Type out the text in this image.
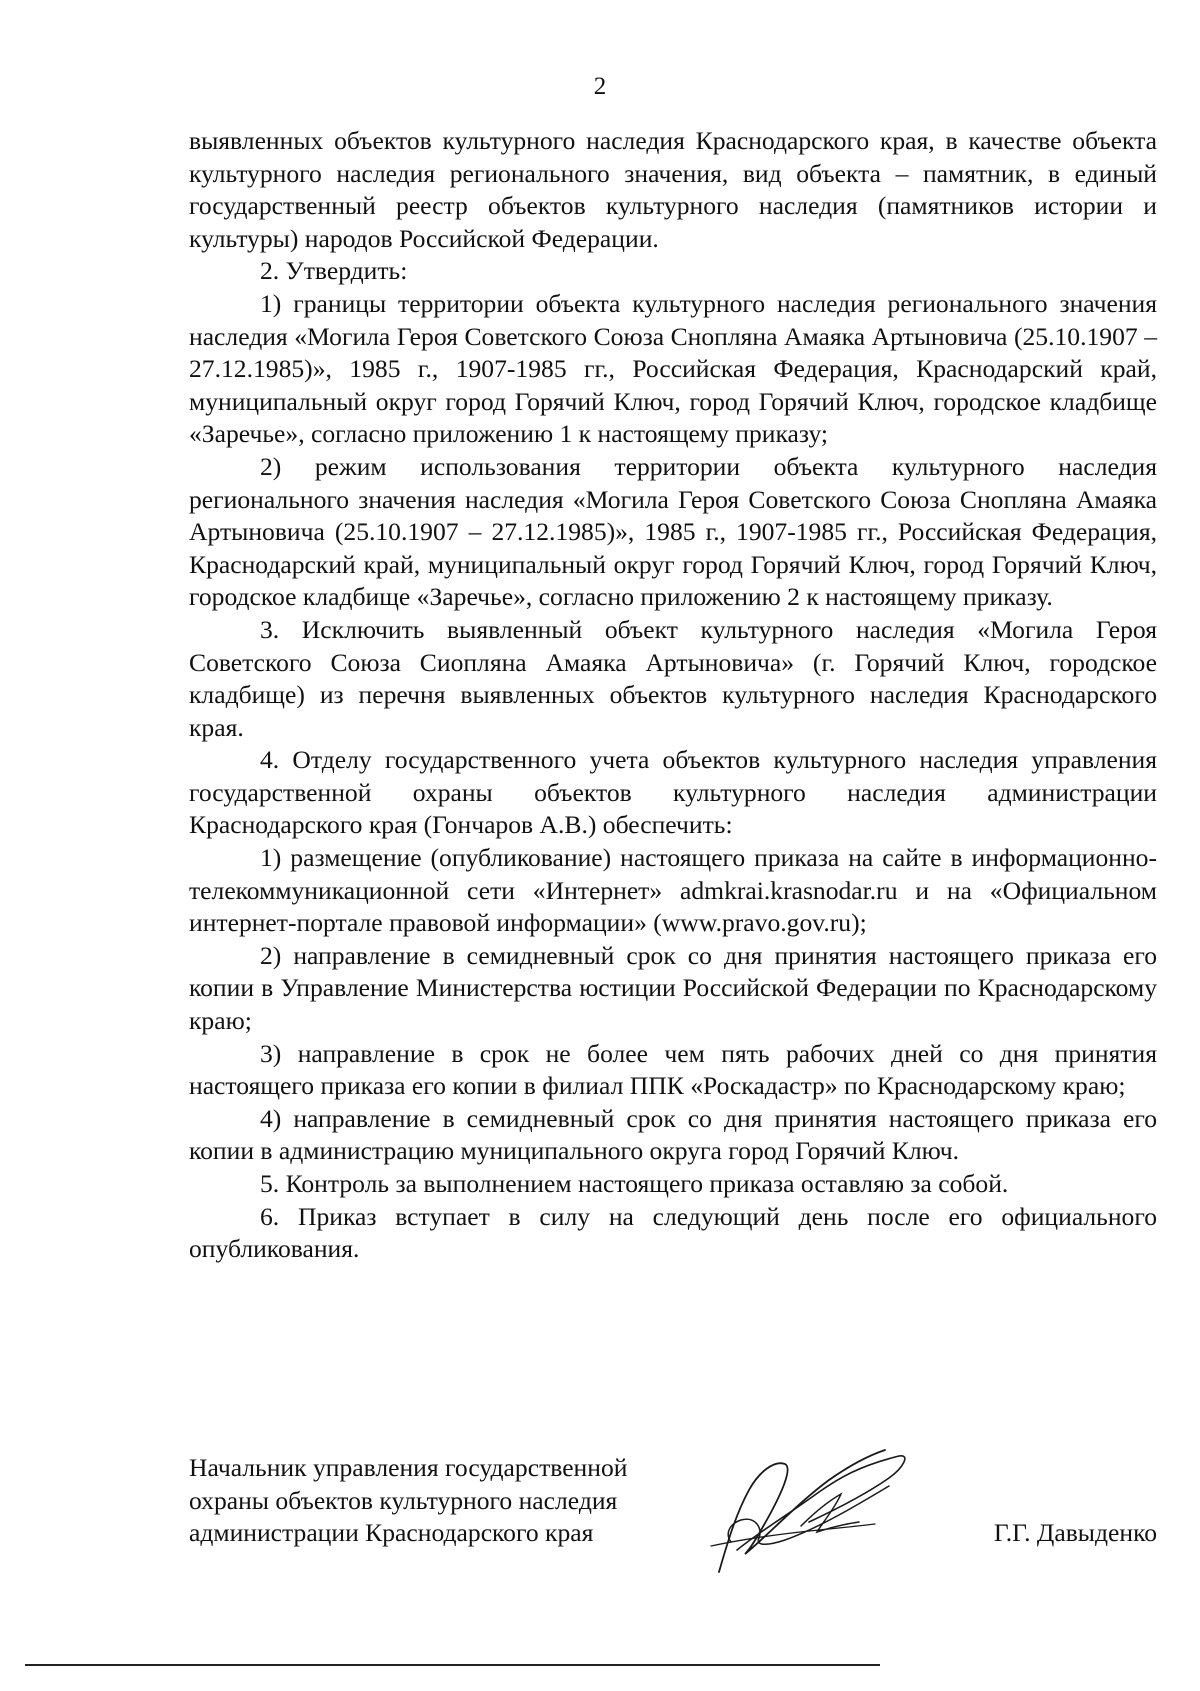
2

выявленных объектов культурного наследия Краснодарского края, в качестве объекта культурного наследия регионального значения, вид объекта – памятник, в единый государственный реестр объектов культурного наследия (памятников истории и культуры) народов Российской Федерации.

2. Утвердить:

1) границы территории объекта культурного наследия регионального значения наследия «Могила Героя Советского Союза Снопляна Амаяка Артыновича (25.10.1907 – 27.12.1985)», 1985 г., 1907-1985 гг., Российская Федерация, Краснодарский край, муниципальный округ город Горячий Ключ, город Горячий Ключ, городское кладбище «Заречье», согласно приложению 1 к настоящему приказу;

2) режим использования территории объекта культурного наследия регионального значения наследия «Могила Героя Советского Союза Снопляна Амаяка Артыновича (25.10.1907 – 27.12.1985)», 1985 г., 1907-1985 гг., Российская Федерация, Краснодарский край, муниципальный округ город Горячий Ключ, город Горячий Ключ, городское кладбище «Заречье», согласно приложению 2 к настоящему приказу.

3. Исключить выявленный объект культурного наследия «Могила Героя Советского Союза Сиопляна Амаяка Артыновича» (г. Горячий Ключ, городское кладбище) из перечня выявленных объектов культурного наследия Краснодарского края.

4. Отделу государственного учета объектов культурного наследия управления государственной охраны объектов культурного наследия администрации Краснодарского края (Гончаров А.В.) обеспечить:

1) размещение (опубликование) настоящего приказа на сайте в информационно-телекоммуникационной сети «Интернет» admkrai.krasnodar.ru и на «Официальном интернет-портале правовой информации» (www.pravo.gov.ru);

2) направление в семидневный срок со дня принятия настоящего приказа его копии в Управление Министерства юстиции Российской Федерации по Краснодарскому краю;

3) направление в срок не более чем пять рабочих дней со дня принятия настоящего приказа его копии в филиал ППК «Роскадастр» по Краснодарскому краю;

4) направление в семидневный срок со дня принятия настоящего приказа его копии в администрацию муниципального округа город Горячий Ключ.

5. Контроль за выполнением настоящего приказа оставляю за собой.

6. Приказ вступает в силу на следующий день после его официального опубликования.

Начальник управления государственной
охраны объектов культурного наследия
администрации Краснодарского края	Г.Г. Давыденко
